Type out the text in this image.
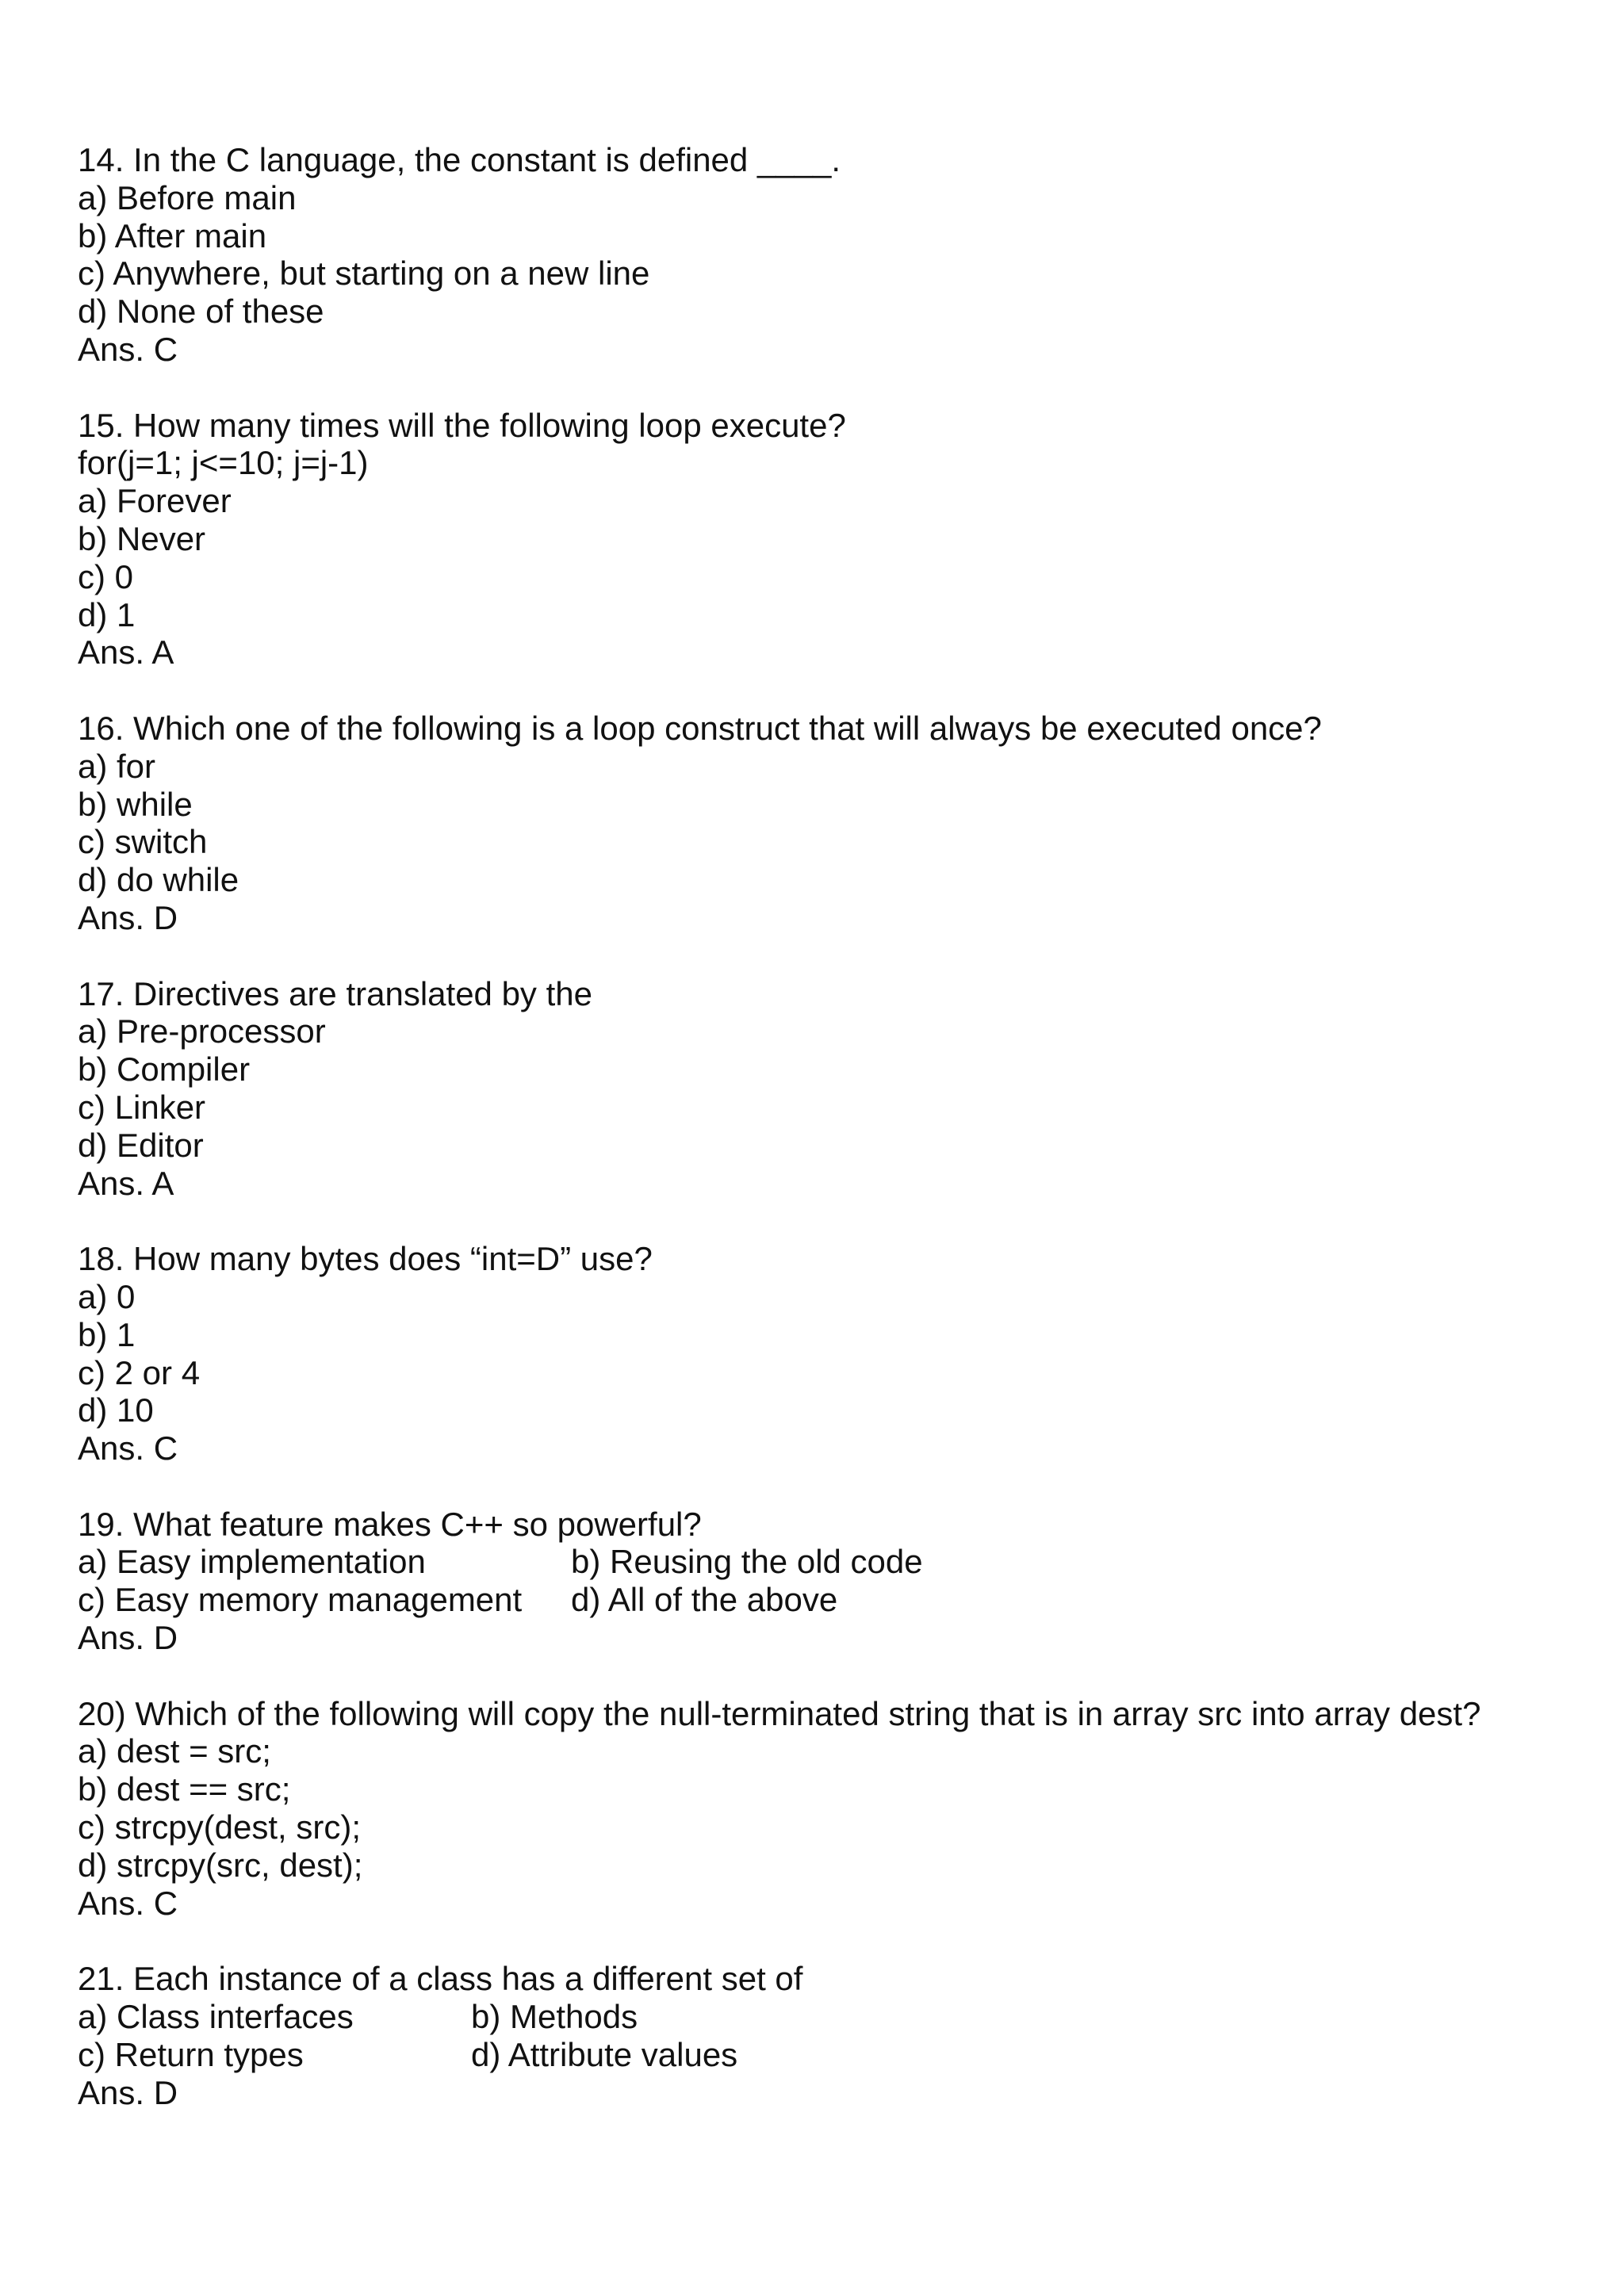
14. In the C language, the constant is defined ____.
a) Before main
b) After main
c) Anywhere, but starting on a new line
d) None of these
Ans. C
15. How many times will the following loop execute?
for(j=1; j<=10; j=j-1)
a) Forever
b) Never
c) 0
d) 1
Ans. A
16. Which one of the following is a loop construct that will always be executed once?
a) for
b) while
c) switch
d) do while
Ans. D
17. Directives are translated by the
a) Pre-processor
b) Compiler
c) Linker
d) Editor
Ans. A
18. How many bytes does “int=D” use?
a) 0
b) 1
c) 2 or 4
d) 10
Ans. C
19. What feature makes C++ so powerful?
a) Easy implementation	b) Reusing the old code
c) Easy memory management	d) All of the above
Ans. D
20) Which of the following will copy the null-terminated string that is in array src into array dest?
a) dest = src;
b) dest == src;
c) strcpy(dest, src);
d) strcpy(src, dest);
Ans. C
21. Each instance of a class has a different set of
a) Class interfaces	b) Methods
c) Return types	d) Attribute values
Ans. D
